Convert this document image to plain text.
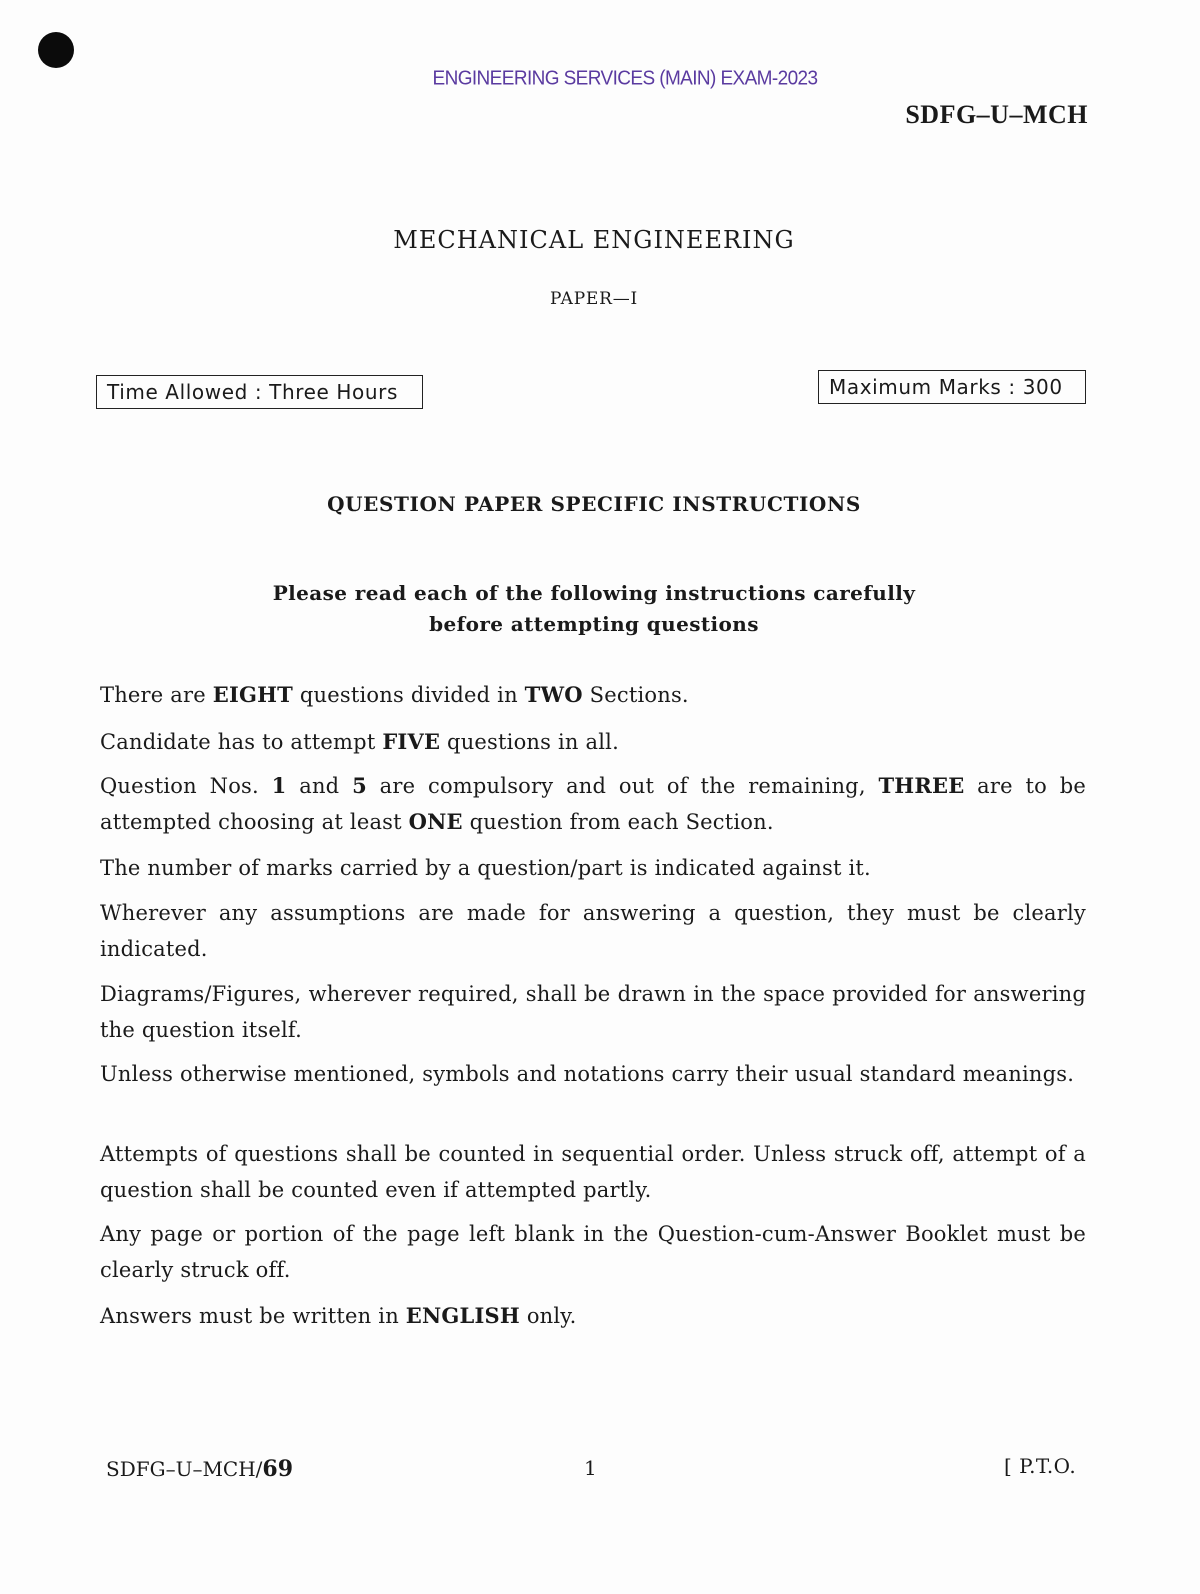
ENGINEERING SERVICES (MAIN) EXAM-2023
SDFG–U–MCH
MECHANICAL ENGINEERING
PAPER—I
Time Allowed : Three Hours	Maximum Marks : 300
QUESTION PAPER SPECIFIC INSTRUCTIONS
Please read each of the following instructions carefully
before attempting questions
There are EIGHT questions divided in TWO Sections.
Candidate has to attempt FIVE questions in all.
Question Nos. 1 and 5 are compulsory and out of the remaining, THREE are to be attempted choosing at least ONE question from each Section.
The number of marks carried by a question/part is indicated against it.
Wherever any assumptions are made for answering a question, they must be clearly indicated.
Diagrams/Figures, wherever required, shall be drawn in the space provided for answering the question itself.
Unless otherwise mentioned, symbols and notations carry their usual standard meanings.
Attempts of questions shall be counted in sequential order. Unless struck off, attempt of a question shall be counted even if attempted partly.
Any page or portion of the page left blank in the Question-cum-Answer Booklet must be clearly struck off.
Answers must be written in ENGLISH only.
SDFG–U–MCH/69	1	[ P.T.O.
